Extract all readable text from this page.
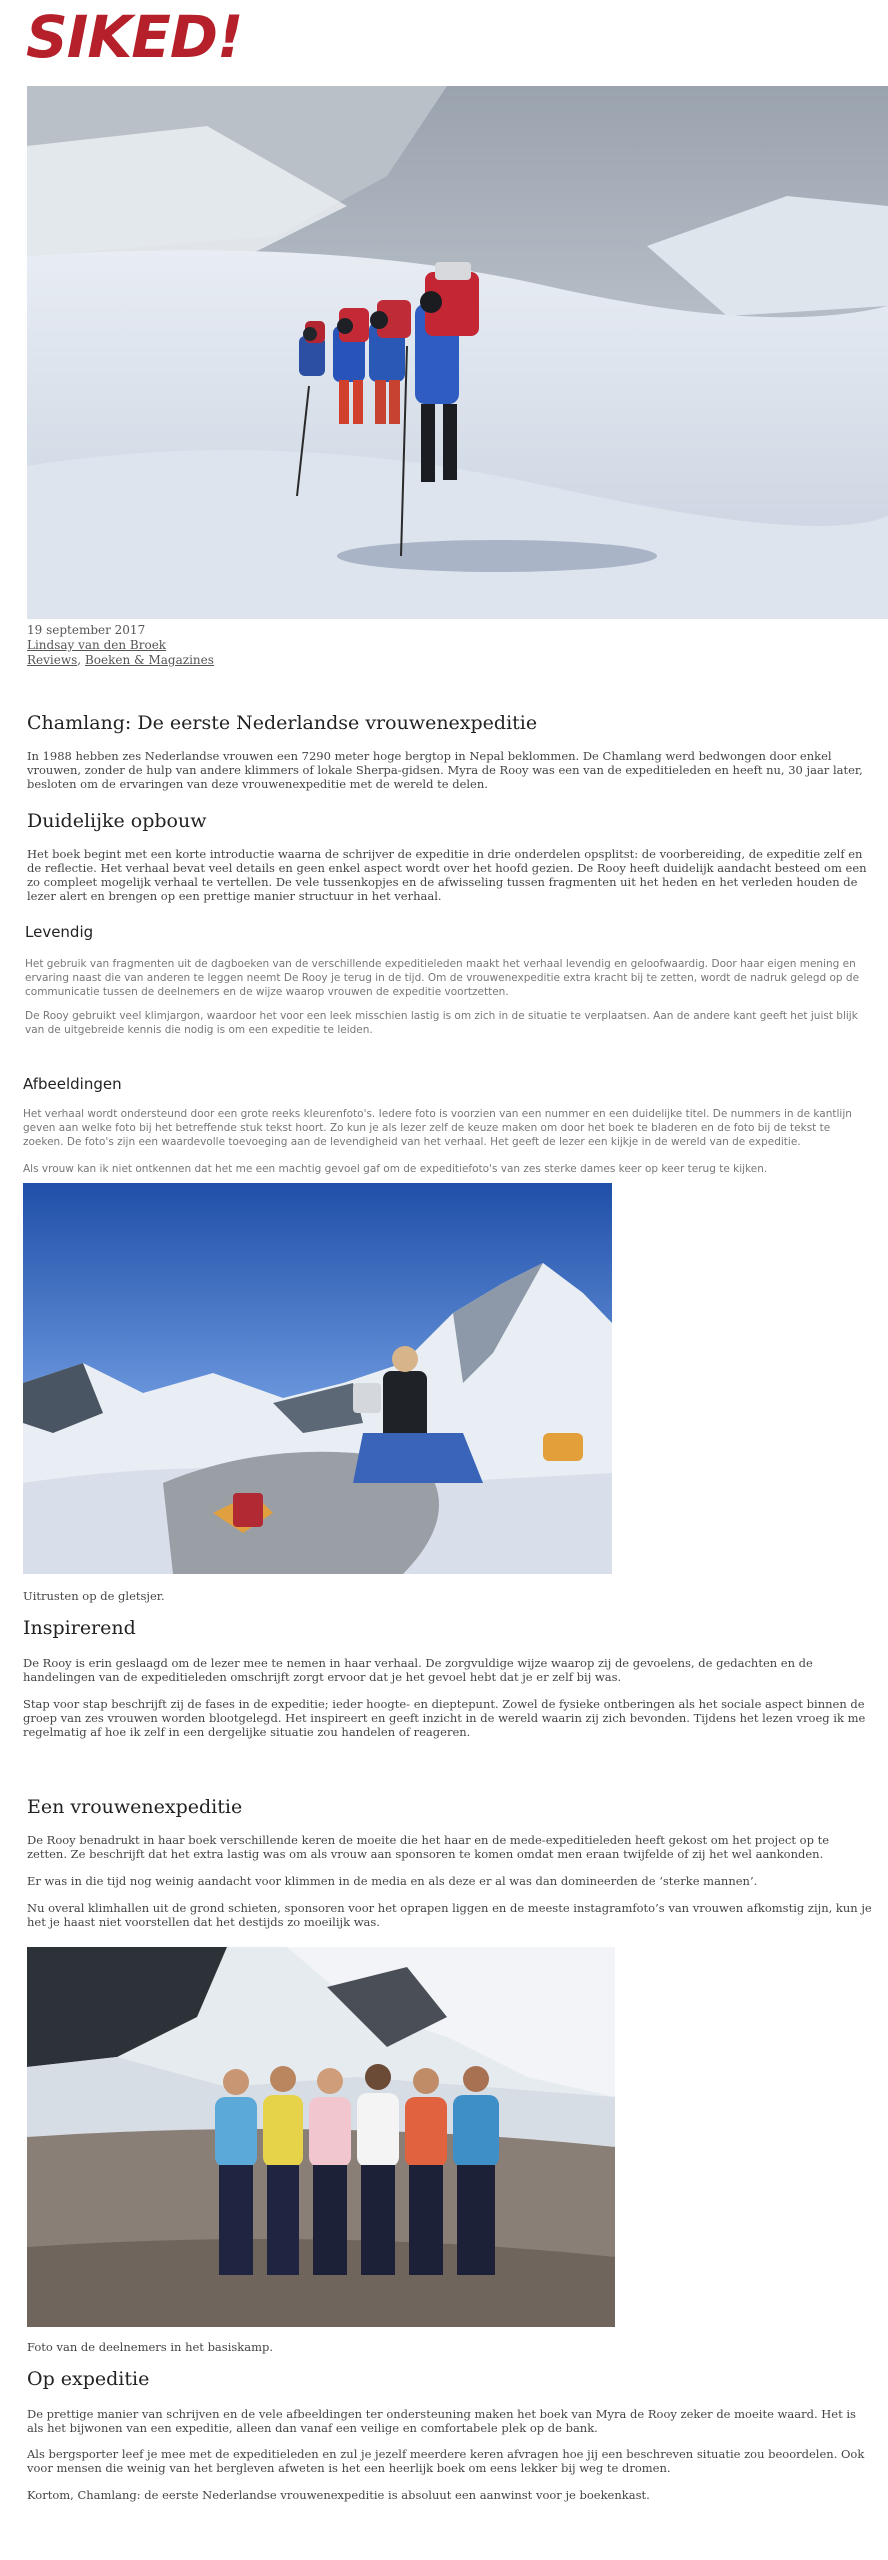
SIKED!
19 september 2017
Lindsay van den Broek
Reviews, Boeken & Magazines
Chamlang: De eerste Nederlandse vrouwenexpeditie

In 1988 hebben zes Nederlandse vrouwen een 7290 meter hoge bergtop in Nepal beklommen. De Chamlang werd bedwongen door enkel vrouwen, zonder de hulp van andere klimmers of lokale Sherpa-gidsen. Myra de Rooy was een van de expeditieleden en heeft nu, 30 jaar later, besloten om de ervaringen van deze vrouwenexpeditie met de wereld te delen.

Duidelijke opbouw

Het boek begint met een korte introductie waarna de schrijver de expeditie in drie onderdelen opsplitst: de voorbereiding, de expeditie zelf en de reflectie. Het verhaal bevat veel details en geen enkel aspect wordt over het hoofd gezien. De Rooy heeft duidelijk aandacht besteed om een zo compleet mogelijk verhaal te vertellen. De vele tussenkopjes en de afwisseling tussen fragmenten uit het heden en het verleden houden de lezer alert en brengen op een prettige manier structuur in het verhaal.

Levendig

Het gebruik van fragmenten uit de dagboeken van de verschillende expeditieleden maakt het verhaal levendig en geloofwaardig. Door haar eigen mening en ervaring naast die van anderen te leggen neemt De Rooy je terug in de tijd. Om de vrouwenexpeditie extra kracht bij te zetten, wordt de nadruk gelegd op de communicatie tussen de deelnemers en de wijze waarop vrouwen de expeditie voortzetten.

De Rooy gebruikt veel klimjargon, waardoor het voor een leek misschien lastig is om zich in de situatie te verplaatsen. Aan de andere kant geeft het juist blijk van de uitgebreide kennis die nodig is om een expeditie te leiden.

Afbeeldingen

Het verhaal wordt ondersteund door een grote reeks kleurenfoto's. Iedere foto is voorzien van een nummer en een duidelijke titel. De nummers in de kantlijn geven aan welke foto bij het betreffende stuk tekst hoort. Zo kun je als lezer zelf de keuze maken om door het boek te bladeren en de foto bij de tekst te zoeken. De foto's zijn een waardevolle toevoeging aan de levendigheid van het verhaal. Het geeft de lezer een kijkje in de wereld van de expeditie.

Als vrouw kan ik niet ontkennen dat het me een machtig gevoel gaf om de expeditiefoto's van zes sterke dames keer op keer terug te kijken.

Uitrusten op de gletsjer.

Inspirerend

De Rooy is erin geslaagd om de lezer mee te nemen in haar verhaal. De zorgvuldige wijze waarop zij de gevoelens, de gedachten en de handelingen van de expeditieleden omschrijft zorgt ervoor dat je het gevoel hebt dat je er zelf bij was.

Stap voor stap beschrijft zij de fases in de expeditie; ieder hoogte- en dieptepunt. Zowel de fysieke ontberingen als het sociale aspect binnen de groep van zes vrouwen worden blootgelegd. Het inspireert en geeft inzicht in de wereld waarin zij zich bevonden. Tijdens het lezen vroeg ik me regelmatig af hoe ik zelf in een dergelijke situatie zou handelen of reageren.

Een vrouwenexpeditie

De Rooy benadrukt in haar boek verschillende keren de moeite die het haar en de mede-expeditieleden heeft gekost om het project op te zetten. Ze beschrijft dat het extra lastig was om als vrouw aan sponsoren te komen omdat men eraan twijfelde of zij het wel aankonden.

Er was in die tijd nog weinig aandacht voor klimmen in de media en als deze er al was dan domineerden de ‘sterke mannen’.

Nu overal klimhallen uit de grond schieten, sponsoren voor het oprapen liggen en de meeste instagramfoto’s van vrouwen afkomstig zijn, kun je het je haast niet voorstellen dat het destijds zo moeilijk was.

Foto van de deelnemers in het basiskamp.

Op expeditie

De prettige manier van schrijven en de vele afbeeldingen ter ondersteuning maken het boek van Myra de Rooy zeker de moeite waard. Het is als het bijwonen van een expeditie, alleen dan vanaf een veilige en comfortabele plek op de bank.

Als bergsporter leef je mee met de expeditieleden en zul je jezelf meerdere keren afvragen hoe jij een beschreven situatie zou beoordelen. Ook voor mensen die weinig van het bergleven afweten is het een heerlijk boek om eens lekker bij weg te dromen.

Kortom, Chamlang: de eerste Nederlandse vrouwenexpeditie is absoluut een aanwinst voor je boekenkast.
